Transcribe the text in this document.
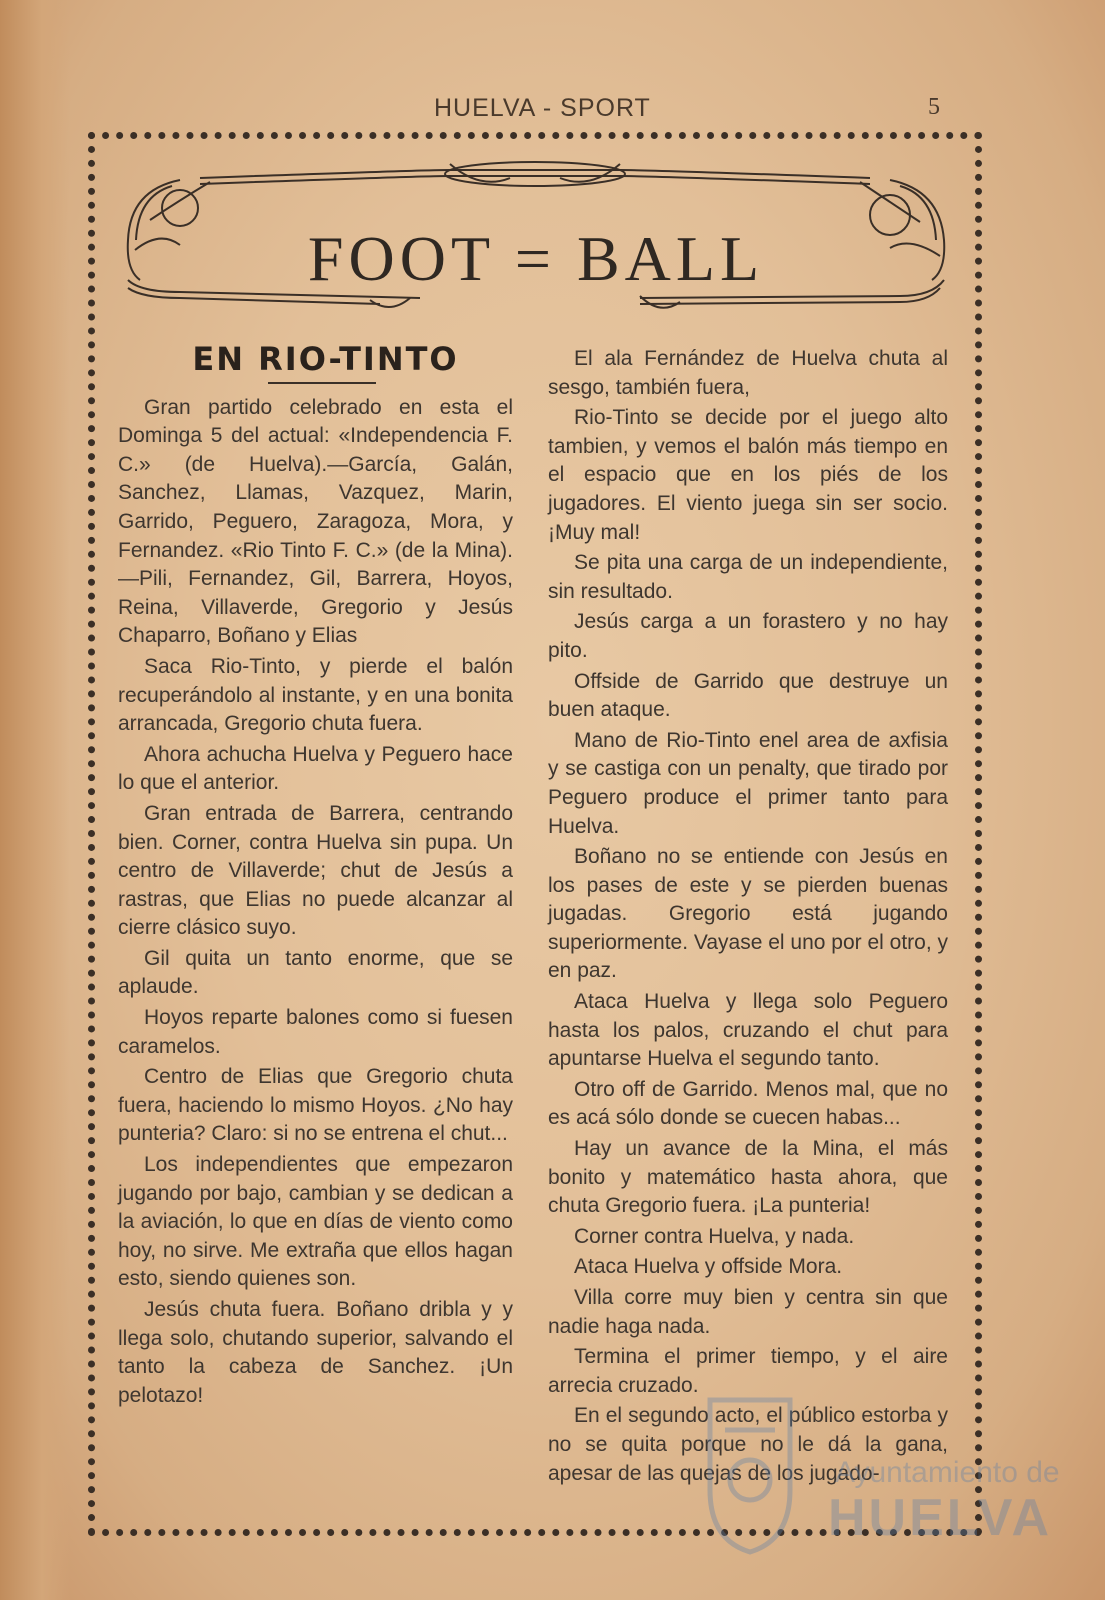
HUELVA - SPORT	5
FOOT = BALL
EN RIO-TINTO

Gran partido celebrado en esta el Dominga 5 del actual: «Independencia F. C.» (de Huelva).—García, Galán, Sanchez, Llamas, Vazquez, Marin, Garrido, Peguero, Zaragoza, Mora, y Fernandez. «Rio Tinto F. C.» (de la Mina).—Pili, Fernandez, Gil, Barrera, Hoyos, Reina, Villaverde, Gregorio y Jesús Chaparro, Boñano y Elias

Saca Rio-Tinto, y pierde el balón recuperándolo al instante, y en una bonita arrancada, Gregorio chuta fuera.

Ahora achucha Huelva y Peguero hace lo que el anterior.

Gran entrada de Barrera, centrando bien. Corner, contra Huelva sin pupa. Un centro de Villaverde; chut de Jesús a rastras, que Elias no puede alcanzar al cierre clásico suyo.

Gil quita un tanto enorme, que se aplaude.

Hoyos reparte balones como si fuesen caramelos.

Centro de Elias que Gregorio chuta fuera, haciendo lo mismo Hoyos. ¿No hay punteria? Claro: si no se entrena el chut...

Los independientes que empezaron jugando por bajo, cambian y se dedican a la aviación, lo que en días de viento como hoy, no sirve. Me extraña que ellos hagan esto, siendo quienes son.

Jesús chuta fuera. Boñano dribla y y llega solo, chutando superior, salvando el tanto la cabeza de Sanchez. ¡Un pelotazo!

El ala Fernández de Huelva chuta al sesgo, también fuera,

Rio-Tinto se decide por el juego alto tambien, y vemos el balón más tiempo en el espacio que en los piés de los jugadores. El viento juega sin ser socio. ¡Muy mal!

Se pita una carga de un independiente, sin resultado.

Jesús carga a un forastero y no hay pito.

Offside de Garrido que destruye un buen ataque.

Mano de Rio-Tinto enel area de axfisia y se castiga con un penalty, que tirado por Peguero produce el primer tanto para Huelva.

Boñano no se entiende con Jesús en los pases de este y se pierden buenas jugadas. Gregorio está jugando superiormente. Vayase el uno por el otro, y en paz.

Ataca Huelva y llega solo Peguero hasta los palos, cruzando el chut para apuntarse Huelva el segundo tanto.

Otro off de Garrido. Menos mal, que no es acá sólo donde se cuecen habas...

Hay un avance de la Mina, el más bonito y matemático hasta ahora, que chuta Gregorio fuera. ¡La punteria!

Corner contra Huelva, y nada.

Ataca Huelva y offside Mora.

Villa corre muy bien y centra sin que nadie haga nada.

Termina el primer tiempo, y el aire arrecia cruzado.

En el segundo acto, el público estorba y no se quita porque no le dá la gana, apesar de las quejas de los jugado-

Ayuntamiento de
HUELVA
